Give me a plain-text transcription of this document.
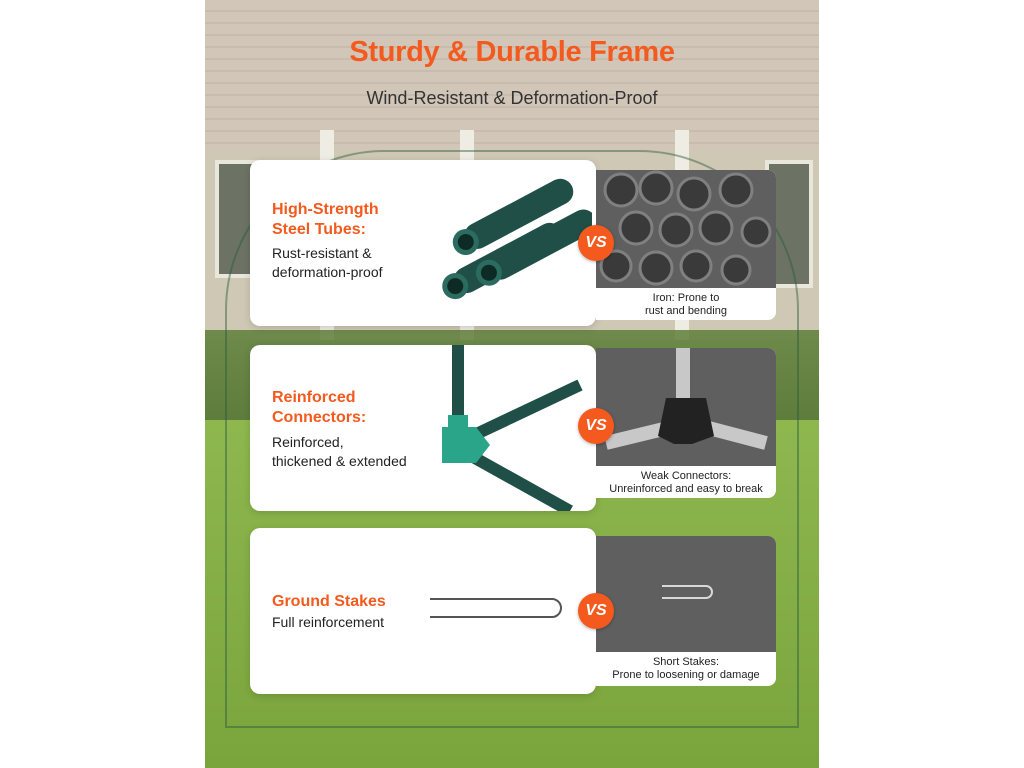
Sturdy & Durable Frame
Wind-Resistant & Deformation-Proof
High-Strength
Steel Tubes:
Rust-resistant &
deformation-proof
Iron: Prone to
rust and bending
VS
Reinforced
Connectors:
Reinforced,
thickened & extended
Weak Connectors:
Unreinforced and easy to break
VS
Ground Stakes
Full reinforcement
Short Stakes:
Prone to loosening or damage
VS
